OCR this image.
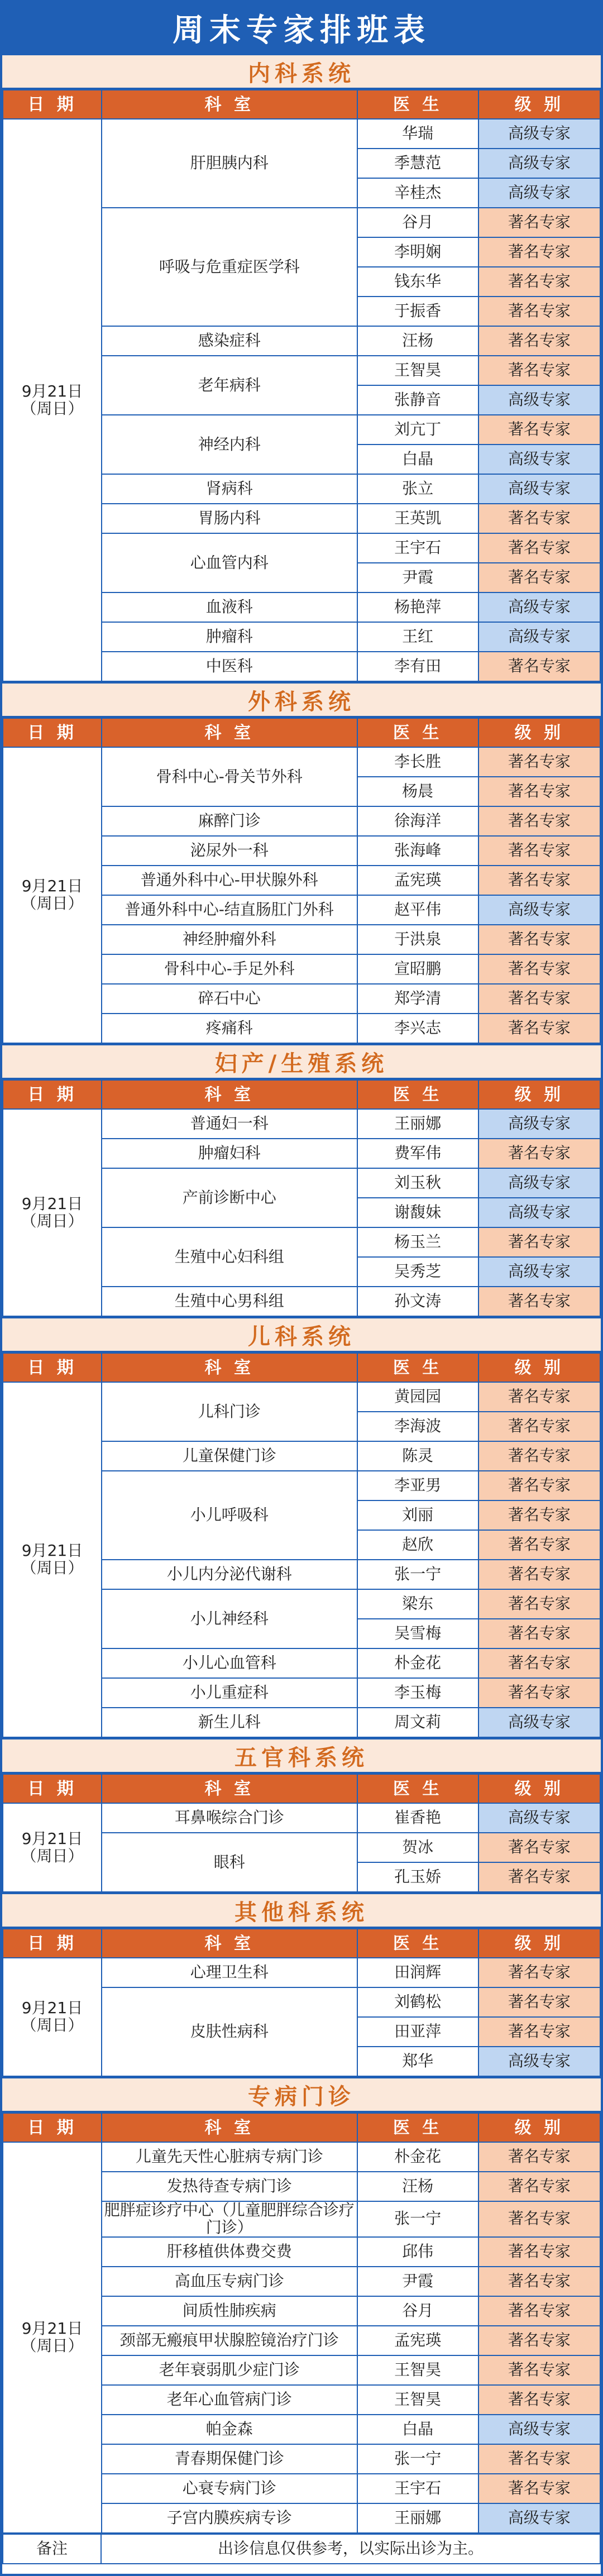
周末专家排班表
内科系统
日 期	科 室	医 生	级 别
9月21日
（周日）	肝胆胰内科	华瑞	高级专家
		季慧范	高级专家
		辛桂杰	高级专家
	呼吸与危重症医学科	谷月	著名专家
		李明娴	著名专家
		钱东华	著名专家
		于振香	著名专家
	感染症科	汪杨	著名专家
	老年病科	王智昊	著名专家
		张静音	高级专家
	神经内科	刘亢丁	著名专家
		白晶	高级专家
	肾病科	张立	高级专家
	胃肠内科	王英凯	著名专家
	心血管内科	王宇石	著名专家
		尹霞	著名专家
	血液科	杨艳萍	高级专家
	肿瘤科	王红	高级专家
	中医科	李有田	著名专家
外科系统
日 期	科 室	医 生	级 别
9月21日
（周日）	骨科中心-骨关节外科	李长胜	著名专家
		杨晨	著名专家
	麻醉门诊	徐海洋	著名专家
	泌尿外一科	张海峰	著名专家
	普通外科中心-甲状腺外科	孟宪瑛	著名专家
	普通外科中心-结直肠肛门外科	赵平伟	高级专家
	神经肿瘤外科	于洪泉	著名专家
	骨科中心-手足外科	宣昭鹏	著名专家
	碎石中心	郑学清	著名专家
	疼痛科	李兴志	著名专家
妇产/生殖系统
日 期	科 室	医 生	级 别
9月21日
（周日）	普通妇一科	王丽娜	高级专家
	肿瘤妇科	费军伟	著名专家
	产前诊断中心	刘玉秋	高级专家
		谢馥妹	高级专家
	生殖中心妇科组	杨玉兰	著名专家
		吴秀芝	高级专家
	生殖中心男科组	孙文涛	著名专家
儿科系统
日 期	科 室	医 生	级 别
9月21日
（周日）	儿科门诊	黄园园	著名专家
		李海波	著名专家
	儿童保健门诊	陈灵	著名专家
	小儿呼吸科	李亚男	著名专家
		刘丽	著名专家
		赵欣	著名专家
	小儿内分泌代谢科	张一宁	著名专家
	小儿神经科	梁东	著名专家
		吴雪梅	著名专家
	小儿心血管科	朴金花	著名专家
	小儿重症科	李玉梅	著名专家
	新生儿科	周文莉	高级专家
五官科系统
日 期	科 室	医 生	级 别
9月21日
（周日）	耳鼻喉综合门诊	崔香艳	高级专家
	眼科	贺冰	著名专家
		孔玉娇	著名专家
其他科系统
日 期	科 室	医 生	级 别
9月21日
（周日）	心理卫生科	田润辉	著名专家
	皮肤性病科	刘鹤松	著名专家
		田亚萍	著名专家
		郑华	高级专家
专病门诊
日 期	科 室	医 生	级 别
9月21日
（周日）	儿童先天性心脏病专病门诊	朴金花	著名专家
	发热待查专病门诊	汪杨	著名专家
	肥胖症诊疗中心（儿童肥胖综合诊疗门诊）	张一宁	著名专家
	肝移植供体费交费	邱伟	著名专家
	高血压专病门诊	尹霞	著名专家
	间质性肺疾病	谷月	著名专家
	颈部无瘢痕甲状腺腔镜治疗门诊	孟宪瑛	著名专家
	老年衰弱肌少症门诊	王智昊	著名专家
	老年心血管病门诊	王智昊	著名专家
	帕金森	白晶	高级专家
	青春期保健门诊	张一宁	著名专家
	心衰专病门诊	王宇石	著名专家
	子宫内膜疾病专诊	王丽娜	高级专家
备注	出诊信息仅供参考，以实际出诊为主。
